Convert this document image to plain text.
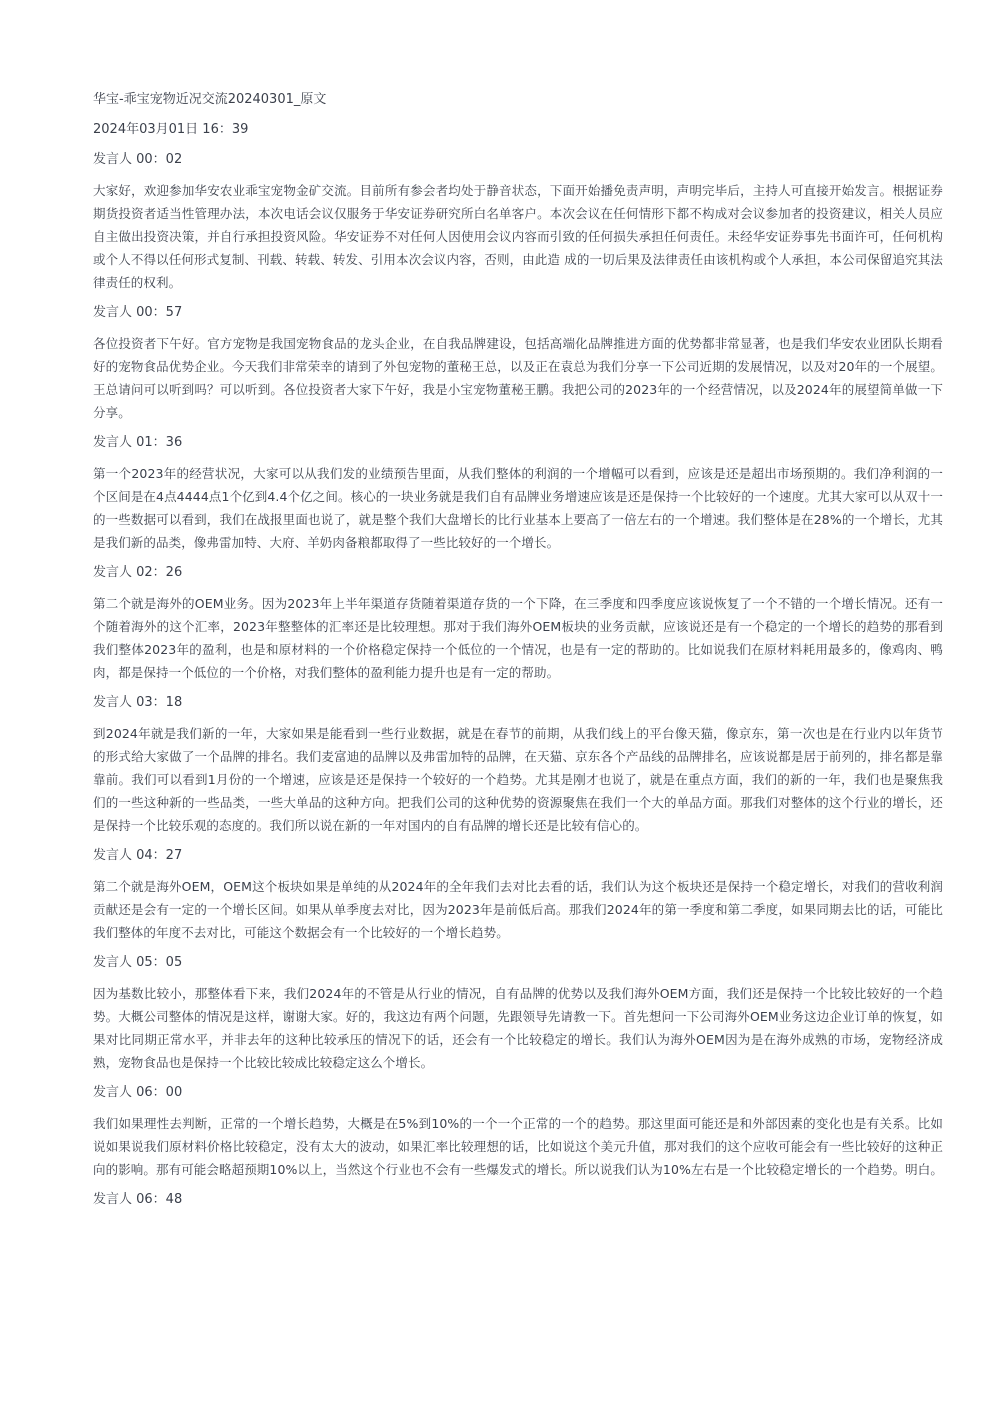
华宝-乖宝宠物近况交流20240301_原文
2024年03月01日 16：39
发言人 00：02
大家好，欢迎参加华安农业乖宝宠物金矿交流。目前所有参会者均处于静音状态，下面开始播免责声明，声明完毕后，主持人可直接开始发言。根据证券期货投资者适当性管理办法，本次电话会议仅服务于华安证券研究所白名单客户。本次会议在任何情形下都不构成对会议参加者的投资建议，相关人员应自主做出投资决策，并自行承担投资风险。华安证券不对任何人因使用会议内容而引致的任何损失承担任何责任。未经华安证券事先书面许可，任何机构或个人不得以任何形式复制、刊载、转载、转发、引用本次会议内容，否则，由此造 成的一切后果及法律责任由该机构或个人承担，本公司保留追究其法律责任的权利。
发言人 00：57
各位投资者下午好。官方宠物是我国宠物食品的龙头企业，在自我品牌建设，包括高端化品牌推进方面的优势都非常显著，也是我们华安农业团队长期看好的宠物食品优势企业。今天我们非常荣幸的请到了外包宠物的董秘王总，以及正在袁总为我们分享一下公司近期的发展情况，以及对20年的一个展望。王总请问可以听到吗？可以听到。各位投资者大家下午好，我是小宝宠物董秘王鹏。我把公司的2023年的一个经营情况，以及2024年的展望简单做一下分享。
发言人 01：36
第一个2023年的经营状况，大家可以从我们发的业绩预告里面，从我们整体的利润的一个增幅可以看到，应该是还是超出市场预期的。我们净利润的一个区间是在4点4444点1个亿到4.4个亿之间。核心的一块业务就是我们自有品牌业务增速应该是还是保持一个比较好的一个速度。尤其大家可以从双十一的一些数据可以看到，我们在战报里面也说了，就是整个我们大盘增长的比行业基本上要高了一倍左右的一个增速。我们整体是在28%的一个增长，尤其是我们新的品类，像弗雷加特、大府、羊奶肉备粮都取得了一些比较好的一个增长。
发言人 02：26
第二个就是海外的OEM业务。因为2023年上半年渠道存货随着渠道存货的一个下降，在三季度和四季度应该说恢复了一个不错的一个增长情况。还有一个随着海外的这个汇率，2023年整整体的汇率还是比较理想。那对于我们海外OEM板块的业务贡献，应该说还是有一个稳定的一个增长的趋势的那看到我们整体2023年的盈利，也是和原材料的一个价格稳定保持一个低位的一个情况，也是有一定的帮助的。比如说我们在原材料耗用最多的，像鸡肉、鸭肉，都是保持一个低位的一个价格，对我们整体的盈利能力提升也是有一定的帮助。
发言人 03：18
到2024年就是我们新的一年，大家如果是能看到一些行业数据，就是在春节的前期，从我们线上的平台像天猫，像京东，第一次也是在行业内以年货节的形式给大家做了一个品牌的排名。我们麦富迪的品牌以及弗雷加特的品牌，在天猫、京东各个产品线的品牌排名，应该说都是居于前列的，排名都是靠靠前。我们可以看到1月份的一个增速，应该是还是保持一个较好的一个趋势。尤其是刚才也说了，就是在重点方面，我们的新的一年，我们也是聚焦我们的一些这种新的一些品类，一些大单品的这种方向。把我们公司的这种优势的资源聚焦在我们一个大的单品方面。那我们对整体的这个行业的增长，还是保持一个比较乐观的态度的。我们所以说在新的一年对国内的自有品牌的增长还是比较有信心的。
发言人 04：27
第二个就是海外OEM，OEM这个板块如果是单纯的从2024年的全年我们去对比去看的话，我们认为这个板块还是保持一个稳定增长，对我们的营收利润贡献还是会有一定的一个增长区间。如果从单季度去对比，因为2023年是前低后高。那我们2024年的第一季度和第二季度，如果同期去比的话，可能比我们整体的年度不去对比，可能这个数据会有一个比较好的一个增长趋势。
发言人 05：05
因为基数比较小，那整体看下来，我们2024年的不管是从行业的情况，自有品牌的优势以及我们海外OEM方面，我们还是保持一个比较比较好的一个趋势。大概公司整体的情况是这样，谢谢大家。好的，我这边有两个问题，先跟领导先请教一下。首先想问一下公司海外OEM业务这边企业订单的恢复，如果对比同期正常水平，并非去年的这种比较承压的情况下的话，还会有一个比较稳定的增长。我们认为海外OEM因为是在海外成熟的市场，宠物经济成熟，宠物食品也是保持一个比较比较成比较稳定这么个增长。
发言人 06：00
我们如果理性去判断，正常的一个增长趋势，大概是在5%到10%的一个一个正常的一个的趋势。那这里面可能还是和外部因素的变化也是有关系。比如说如果说我们原材料价格比较稳定，没有太大的波动，如果汇率比较理想的话，比如说这个美元升值，那对我们的这个应收可能会有一些比较好的这种正向的影响。那有可能会略超预期10%以上，当然这个行业也不会有一些爆发式的增长。所以说我们认为10%左右是一个比较稳定增长的一个趋势。明白。
发言人 06：48
